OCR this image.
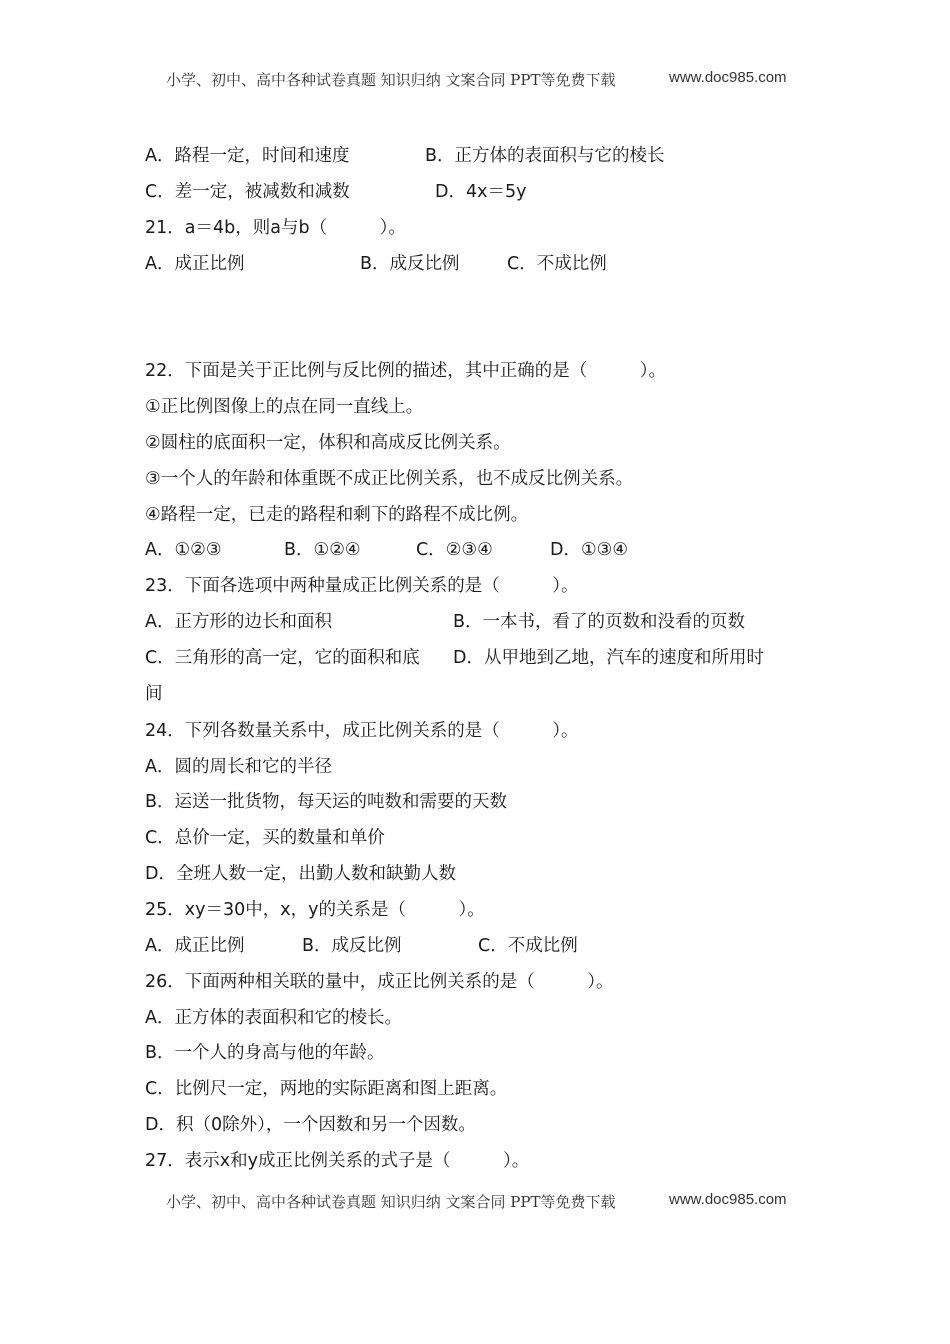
小学、初中、高中各种试卷真题 知识归纳 文案合同 PPT等免费下载	www.doc985.com
A．路程一定，时间和速度	B．正方体的表面积与它的棱长
C．差一定，被减数和减数	D．4x＝5y
21．a＝4b，则a与b（　　　）。
A．成正比例	B．成反比例	C．不成比例
22．下面是关于正比例与反比例的描述，其中正确的是（　　　）。
①正比例图像上的点在同一直线上。
②圆柱的底面积一定，体积和高成反比例关系。
③一个人的年龄和体重既不成正比例关系，也不成反比例关系。
④路程一定，已走的路程和剩下的路程不成比例。
A．①②③	B．①②④	C．②③④	D．①③④
23．下面各选项中两种量成正比例关系的是（　　　）。
A．正方形的边长和面积	B．一本书，看了的页数和没看的页数
C．三角形的高一定，它的面积和底 D．从甲地到乙地，汽车的速度和所用时
间
24．下列各数量关系中，成正比例关系的是（　　　）。
A．圆的周长和它的半径
B．运送一批货物，每天运的吨数和需要的天数
C．总价一定，买的数量和单价
D．全班人数一定，出勤人数和缺勤人数
25．xy＝30中，x，y的关系是（　　　）。
A．成正比例	B．成反比例	C．不成比例
26．下面两种相关联的量中，成正比例关系的是（　　　）。
A．正方体的表面积和它的棱长。
B．一个人的身高与他的年龄。
C．比例尺一定，两地的实际距离和图上距离。
D．积（0除外），一个因数和另一个因数。
27．表示x和y成正比例关系的式子是（　　　）。
小学、初中、高中各种试卷真题 知识归纳 文案合同 PPT等免费下载	www.doc985.com
